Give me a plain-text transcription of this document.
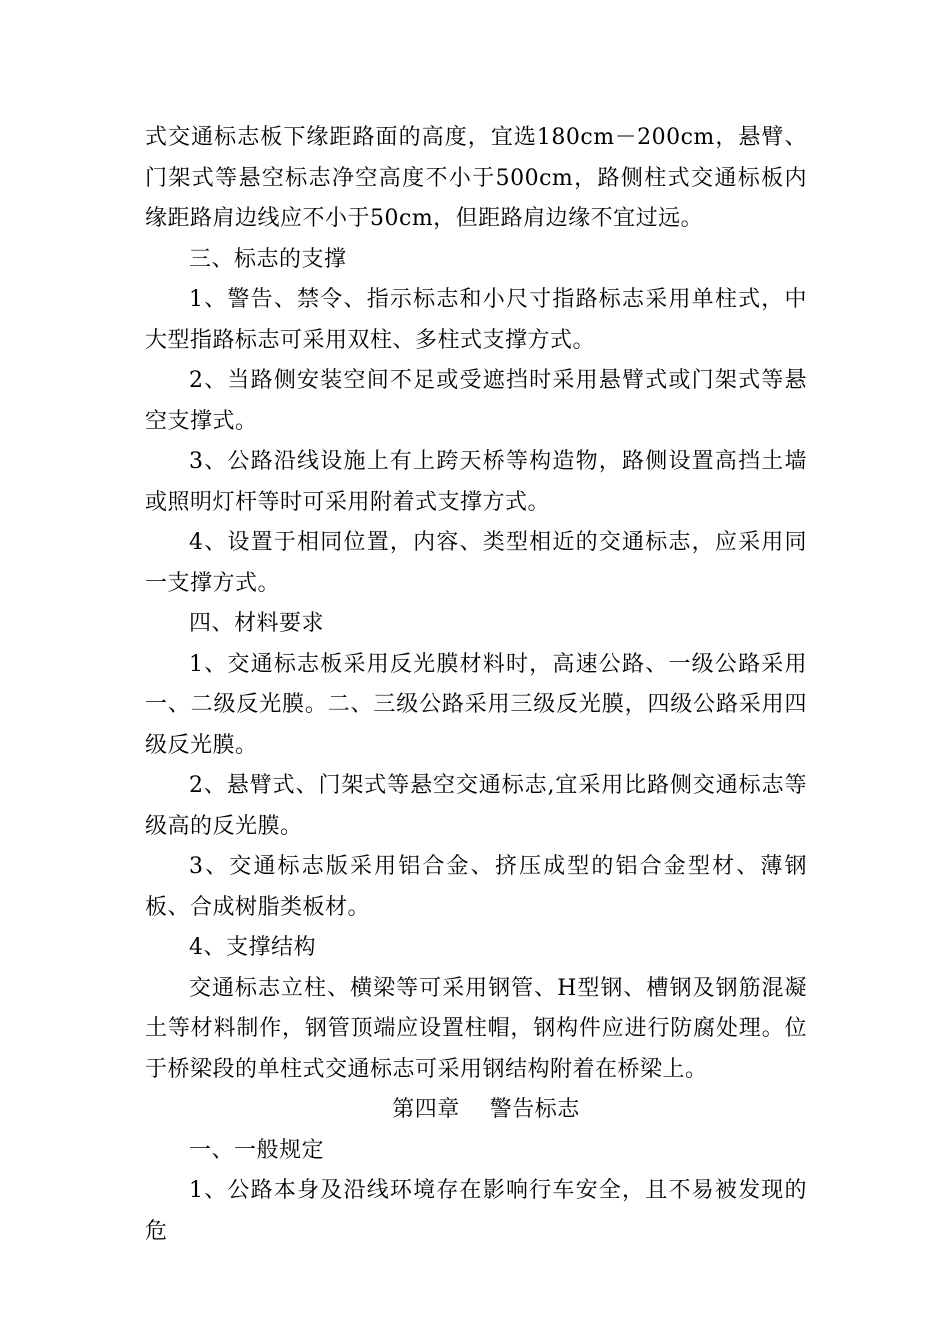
式交通标志板下缘距路面的高度，宜选180cm－200cm，悬臂、门架式等悬空标志净空高度不小于500cm，路侧柱式交通标板内缘距路肩边线应不小于50cm，但距路肩边缘不宜过远。

三、标志的支撑

1、警告、禁令、指示标志和小尺寸指路标志采用单柱式，中大型指路标志可采用双柱、多柱式支撑方式。

2、当路侧安装空间不足或受遮挡时采用悬臂式或门架式等悬空支撑式。

3、公路沿线设施上有上跨天桥等构造物，路侧设置高挡土墙或照明灯杆等时可采用附着式支撑方式。

4、设置于相同位置，内容、类型相近的交通标志，应采用同一支撑方式。

四、材料要求

1、交通标志板采用反光膜材料时，高速公路、一级公路采用一、二级反光膜。二、三级公路采用三级反光膜，四级公路采用四级反光膜。

2、悬臂式、门架式等悬空交通标志,宜采用比路侧交通标志等级高的反光膜。

3、交通标志版采用铝合金、挤压成型的铝合金型材、薄钢板、合成树脂类板材。

4、支撑结构

交通标志立柱、横梁等可采用钢管、H型钢、槽钢及钢筋混凝土等材料制作，钢管顶端应设置柱帽，钢构件应进行防腐处理。位于桥梁段的单柱式交通标志可采用钢结构附着在桥梁上。

第四章 警告标志

一、一般规定

1、公路本身及沿线环境存在影响行车安全，且不易被发现的危
